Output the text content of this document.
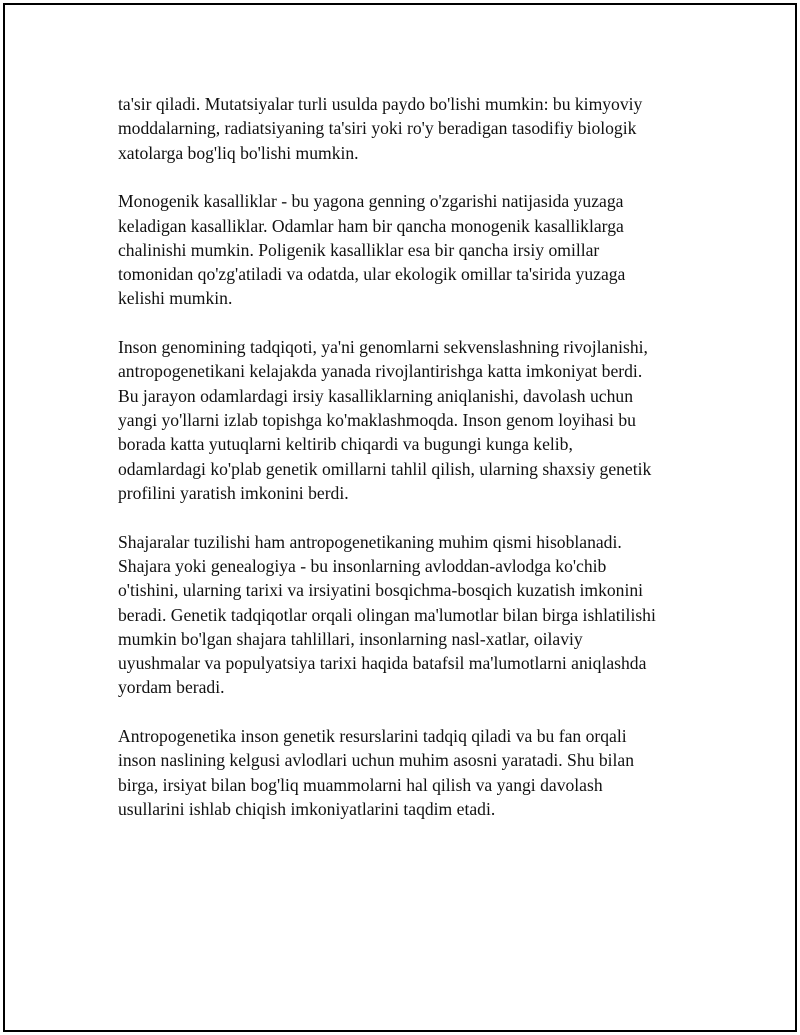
ta'sir qiladi. Mutatsiyalar turli usulda paydo bo'lishi mumkin: bu kimyoviy
moddalarning, radiatsiyaning ta'siri yoki ro'y beradigan tasodifiy biologik
xatolarga bog'liq bo'lishi mumkin.

Monogenik kasalliklar - bu yagona genning o'zgarishi natijasida yuzaga
keladigan kasalliklar. Odamlar ham bir qancha monogenik kasalliklarga
chalinishi mumkin. Poligenik kasalliklar esa bir qancha irsiy omillar
tomonidan qo'zg'atiladi va odatda, ular ekologik omillar ta'sirida yuzaga
kelishi mumkin.

Inson genomining tadqiqoti, ya'ni genomlarni sekvenslashning rivojlanishi,
antropogenetikani kelajakda yanada rivojlantirishga katta imkoniyat berdi.
Bu jarayon odamlardagi irsiy kasalliklarning aniqlanishi, davolash uchun
yangi yo'llarni izlab topishga ko'maklashmoqda. Inson genom loyihasi bu
borada katta yutuqlarni keltirib chiqardi va bugungi kunga kelib,
odamlardagi ko'plab genetik omillarni tahlil qilish, ularning shaxsiy genetik
profilini yaratish imkonini berdi.

Shajaralar tuzilishi ham antropogenetikaning muhim qismi hisoblanadi.
Shajara yoki genealogiya - bu insonlarning avloddan-avlodga ko'chib
o'tishini, ularning tarixi va irsiyatini bosqichma-bosqich kuzatish imkonini
beradi. Genetik tadqiqotlar orqali olingan ma'lumotlar bilan birga ishlatilishi
mumkin bo'lgan shajara tahlillari, insonlarning nasl-xatlar, oilaviy
uyushmalar va populyatsiya tarixi haqida batafsil ma'lumotlarni aniqlashda
yordam beradi.

Antropogenetika inson genetik resurslarini tadqiq qiladi va bu fan orqali
inson naslining kelgusi avlodlari uchun muhim asosni yaratadi. Shu bilan
birga, irsiyat bilan bog'liq muammolarni hal qilish va yangi davolash
usullarini ishlab chiqish imkoniyatlarini taqdim etadi.
